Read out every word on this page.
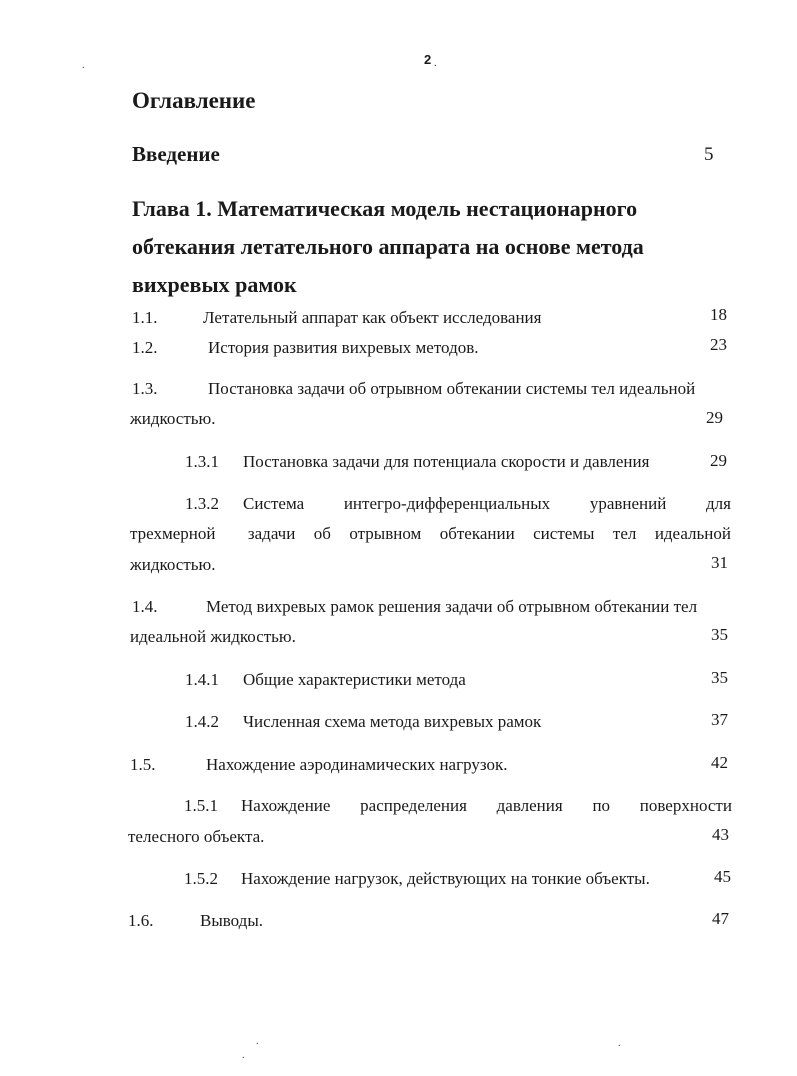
2 .
.
Оглавление
Введение	5
Глава 1. Математическая модель нестационарного
обтекания летательного аппарата на основе метода
вихревых рамок
1.1.	Летательный аппарат как объект исследования	18
1.2.	История развития вихревых методов.	23
1.3.	Постановка задачи об отрывном обтекании системы тел идеальной
жидкостью.	29
1.3.1 Постановка задачи для потенциала скорости и давления	29
1.3.2 Система интегро-дифференциальных уравнений для
трехмерной задачи об отрывном обтекании системы тел идеальной
жидкостью.	31
1.4.	Метод вихревых рамок решения задачи об отрывном обтекании тел
идеальной жидкостью.	35
1.4.1 Общие характеристики метода	35
1.4.2 Численная схема метода вихревых рамок	37
1.5.	Нахождение аэродинамических нагрузок.	42
1.5.1 Нахождение распределения давления по поверхности
телесного объекта.	43
1.5.2 Нахождение нагрузок, действующих на тонкие объекты.	45
1.6.	Выводы.	47
.
.
.
